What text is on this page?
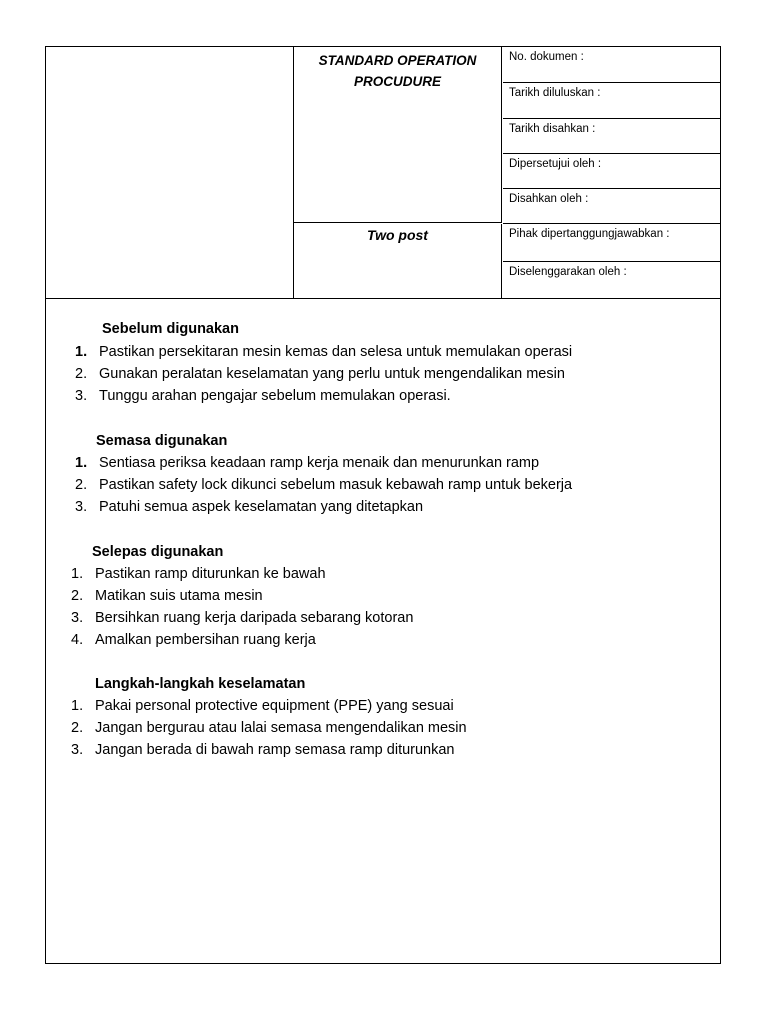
STANDARD OPERATION
PROCUDURE
Two post
No. dokumen :
Tarikh diluluskan :
Tarikh disahkan :
Dipersetujui oleh :
Disahkan oleh :
Pihak dipertanggungjawabkan :
Diselenggarakan oleh :
Sebelum digunakan
1. Pastikan persekitaran mesin kemas dan selesa untuk memulakan operasi
2. Gunakan peralatan keselamatan yang perlu untuk mengendalikan mesin
3. Tunggu arahan pengajar sebelum memulakan operasi.
Semasa digunakan
1. Sentiasa periksa keadaan ramp kerja menaik dan menurunkan ramp
2. Pastikan safety lock dikunci sebelum masuk kebawah ramp untuk bekerja
3. Patuhi semua aspek keselamatan yang ditetapkan
Selepas digunakan
1. Pastikan ramp diturunkan ke bawah
2. Matikan suis utama mesin
3. Bersihkan ruang kerja daripada sebarang kotoran
4. Amalkan pembersihan ruang kerja
Langkah-langkah keselamatan
1. Pakai personal protective equipment (PPE) yang sesuai
2. Jangan bergurau atau lalai semasa mengendalikan mesin
3. Jangan berada di bawah ramp semasa ramp diturunkan
